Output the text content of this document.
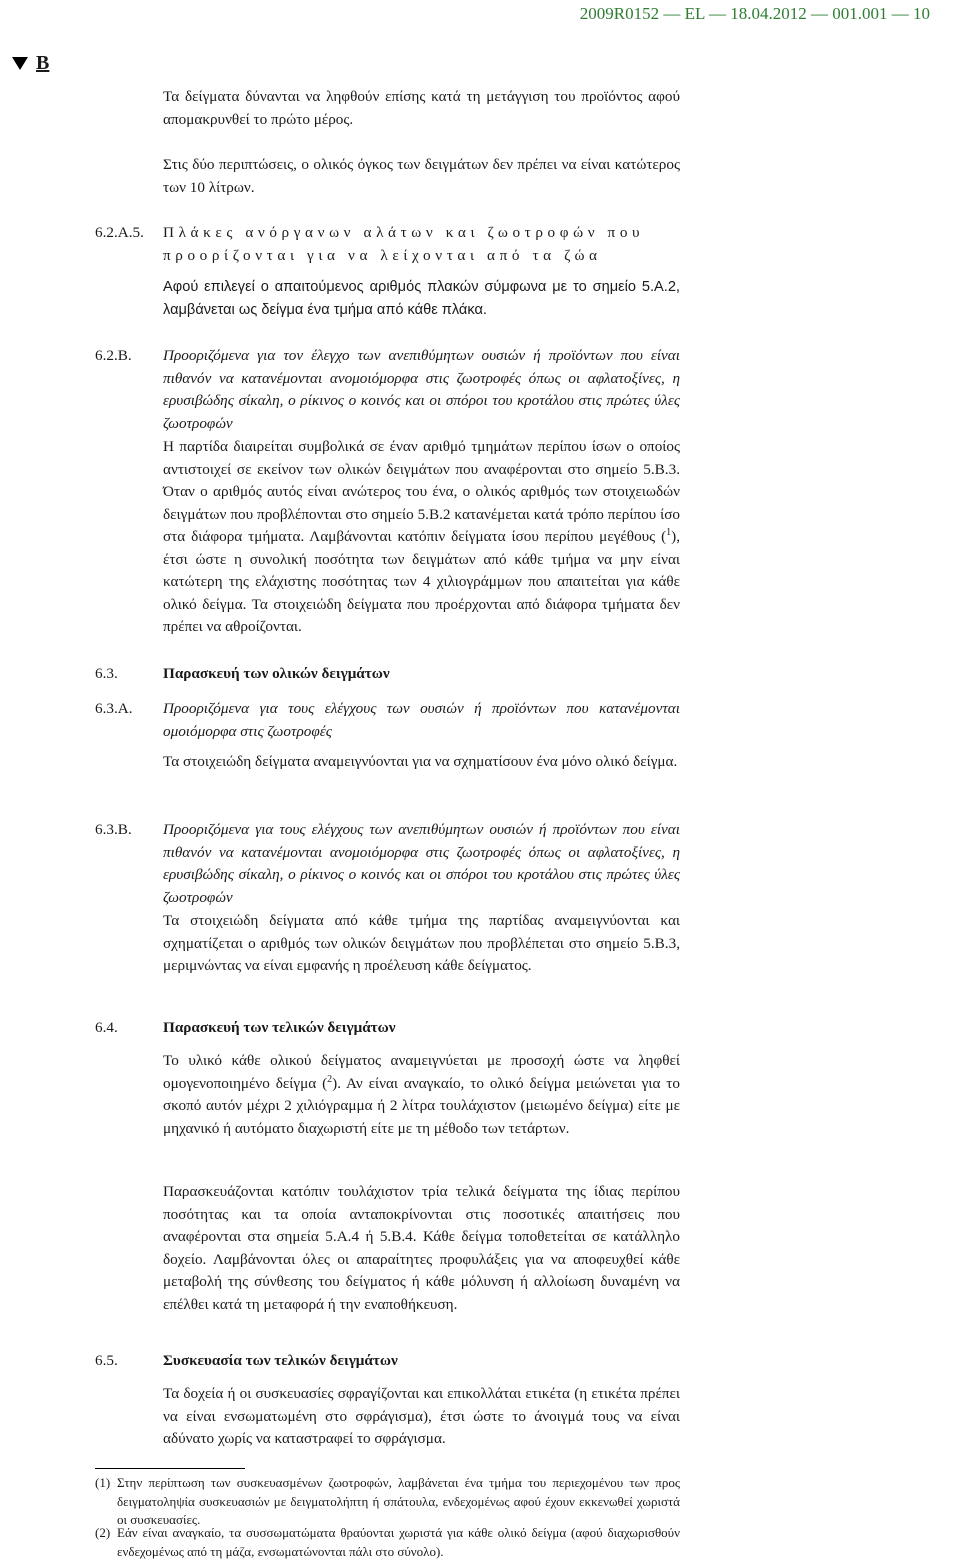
2009R0152 — EL — 18.04.2012 — 001.001 — 10
B

Τα δείγματα δύνανται να ληφθούν επίσης κατά τη μετάγγιση του προϊόντος αφού απομακρυνθεί το πρώτο μέρος.

Στις δύο περιπτώσεις, ο ολικός όγκος των δειγμάτων δεν πρέπει να είναι κατώτερος των 10 λίτρων.

6.2.A.5. Πλάκες ανόργανων αλάτων και ζωοτροφών που προορίζονται για να λείχονται από τα ζώα

Αφού επιλεγεί ο απαιτούμενος αριθμός πλακών σύμφωνα με το σημείο 5.A.2, λαμβάνεται ως δείγμα ένα τμήμα από κάθε πλάκα.

6.2.B. Προοριζόμενα για τον έλεγχο των ανεπιθύμητων ουσιών ή προϊόντων που είναι πιθανόν να κατανέμονται ανομοιόμορφα στις ζωοτροφές όπως οι αφλατοξίνες, η ερυσιβώδης σίκαλη, ο ρίκινος ο κοινός και οι σπόροι του κροτάλου στις πρώτες ύλες ζωοτροφών

Η παρτίδα διαιρείται συμβολικά σε έναν αριθμό τμημάτων περίπου ίσων ο οποίος αντιστοιχεί σε εκείνον των ολικών δειγμάτων που αναφέρονται στο σημείο 5.B.3. Όταν ο αριθμός αυτός είναι ανώτερος του ένα, ο ολικός αριθμός των στοιχειωδών δειγμάτων που προβλέπονται στο σημείο 5.B.2 κατανέμεται κατά τρόπο περίπου ίσο στα διάφορα τμήματα. Λαμβάνονται κατόπιν δείγματα ίσου περίπου μεγέθους ($^1$), έτσι ώστε η συνολική ποσότητα των δειγμάτων από κάθε τμήμα να μην είναι κατώτερη της ελάχιστης ποσότητας των 4 χιλιογράμμων που απαιτείται για κάθε ολικό δείγμα. Τα στοιχειώδη δείγματα που προέρχονται από διάφορα τμήματα δεν πρέπει να αθροίζονται.

6.3.	Παρασκευή των ολικών δειγμάτων

6.3.A. Προοριζόμενα για τους ελέγχους των ουσιών ή προϊόντων που κατανέμονται ομοιόμορφα στις ζωοτροφές

Τα στοιχειώδη δείγματα αναμειγνύονται για να σχηματίσουν ένα μόνο ολικό δείγμα.

6.3.B. Προοριζόμενα για τους ελέγχους των ανεπιθύμητων ουσιών ή προϊόντων που είναι πιθανόν να κατανέμονται ανομοιόμορφα στις ζωοτροφές όπως οι αφλατοξίνες, η ερυσιβώδης σίκαλη, ο ρίκινος ο κοινός και οι σπόροι του κροτάλου στις πρώτες ύλες ζωοτροφών

Τα στοιχειώδη δείγματα από κάθε τμήμα της παρτίδας αναμειγνύονται και σχηματίζεται ο αριθμός των ολικών δειγμάτων που προβλέπεται στο σημείο 5.B.3, μεριμνώντας να είναι εμφανής η προέλευση κάθε δείγματος.

6.4.	Παρασκευή των τελικών δειγμάτων

Το υλικό κάθε ολικού δείγματος αναμειγνύεται με προσοχή ώστε να ληφθεί ομογενοποιημένο δείγμα ($^2$). Αν είναι αναγκαίο, το ολικό δείγμα μειώνεται για το σκοπό αυτόν μέχρι 2 χιλιόγραμμα ή 2 λίτρα τουλάχιστον (μειωμένο δείγμα) είτε με μηχανικό ή αυτόματο διαχωριστή είτε με τη μέθοδο των τετάρτων.

Παρασκευάζονται κατόπιν τουλάχιστον τρία τελικά δείγματα της ίδιας περίπου ποσότητας και τα οποία ανταποκρίνονται στις ποσοτικές απαιτήσεις που αναφέρονται στα σημεία 5.A.4 ή 5.B.4. Κάθε δείγμα τοποθετείται σε κατάλληλο δοχείο. Λαμβάνονται όλες οι απαραίτητες προφυλάξεις για να αποφευχθεί κάθε μεταβολή της σύνθεσης του δείγματος ή κάθε μόλυνση ή αλλοίωση δυναμένη να επέλθει κατά τη μεταφορά ή την εναποθήκευση.

6.5.	Συσκευασία των τελικών δειγμάτων

Τα δοχεία ή οι συσκευασίες σφραγίζονται και επικολλάται ετικέτα (η ετικέτα πρέπει να είναι ενσωματωμένη στο σφράγισμα), έτσι ώστε το άνοιγμά τους να είναι αδύνατο χωρίς να καταστραφεί το σφράγισμα.

(1) Στην περίπτωση των συσκευασμένων ζωοτροφών, λαμβάνεται ένα τμήμα του περιεχομένου των προς δειγματοληψία συσκευασιών με δειγματολήπτη ή σπάτουλα, ενδεχομένως αφού έχουν εκκενωθεί χωριστά οι συσκευασίες.
(2) Εάν είναι αναγκαίο, τα συσσωματώματα θραύονται χωριστά για κάθε ολικό δείγμα (αφού διαχωρισθούν ενδεχομένως από τη μάζα, ενσωματώνονται πάλι στο σύνολο).
